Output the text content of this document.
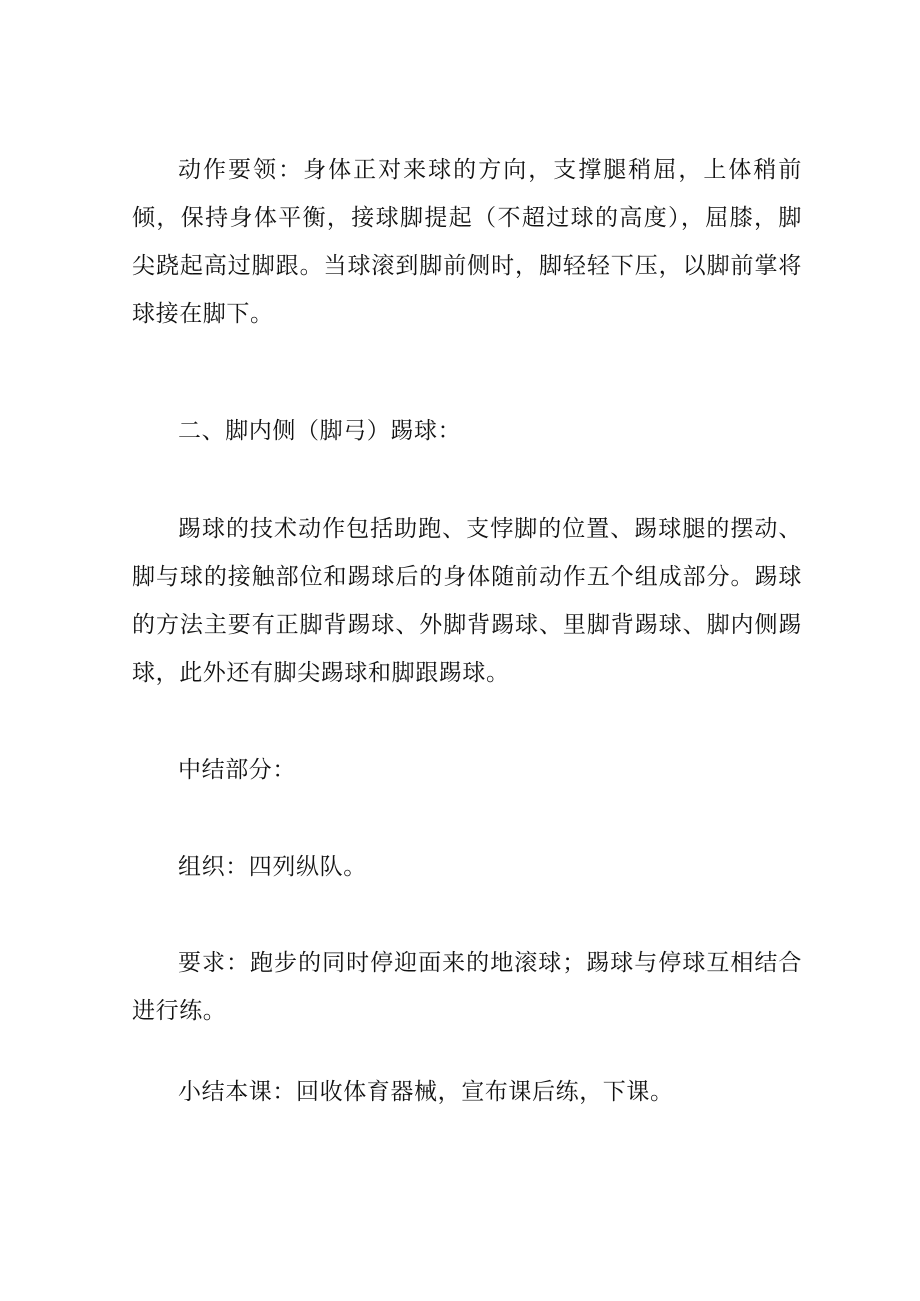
动作要领：身体正对来球的方向，支撑腿稍屈，上体稍前倾，保持身体平衡，接球脚提起（不超过球的高度），屈膝，脚尖跷起高过脚跟。当球滚到脚前侧时，脚轻轻下压，以脚前掌将球接在脚下。

二、脚内侧（脚弓）踢球：

踢球的技术动作包括助跑、支悖脚的位置、踢球腿的摆动、脚与球的接触部位和踢球后的身体随前动作五个组成部分。踢球的方法主要有正脚背踢球、外脚背踢球、里脚背踢球、脚内侧踢球，此外还有脚尖踢球和脚跟踢球。

中结部分：

组织：四列纵队。

要求：跑步的同时停迎面来的地滚球；踢球与停球互相结合进行练。

小结本课：回收体育器械，宣布课后练，下课。
